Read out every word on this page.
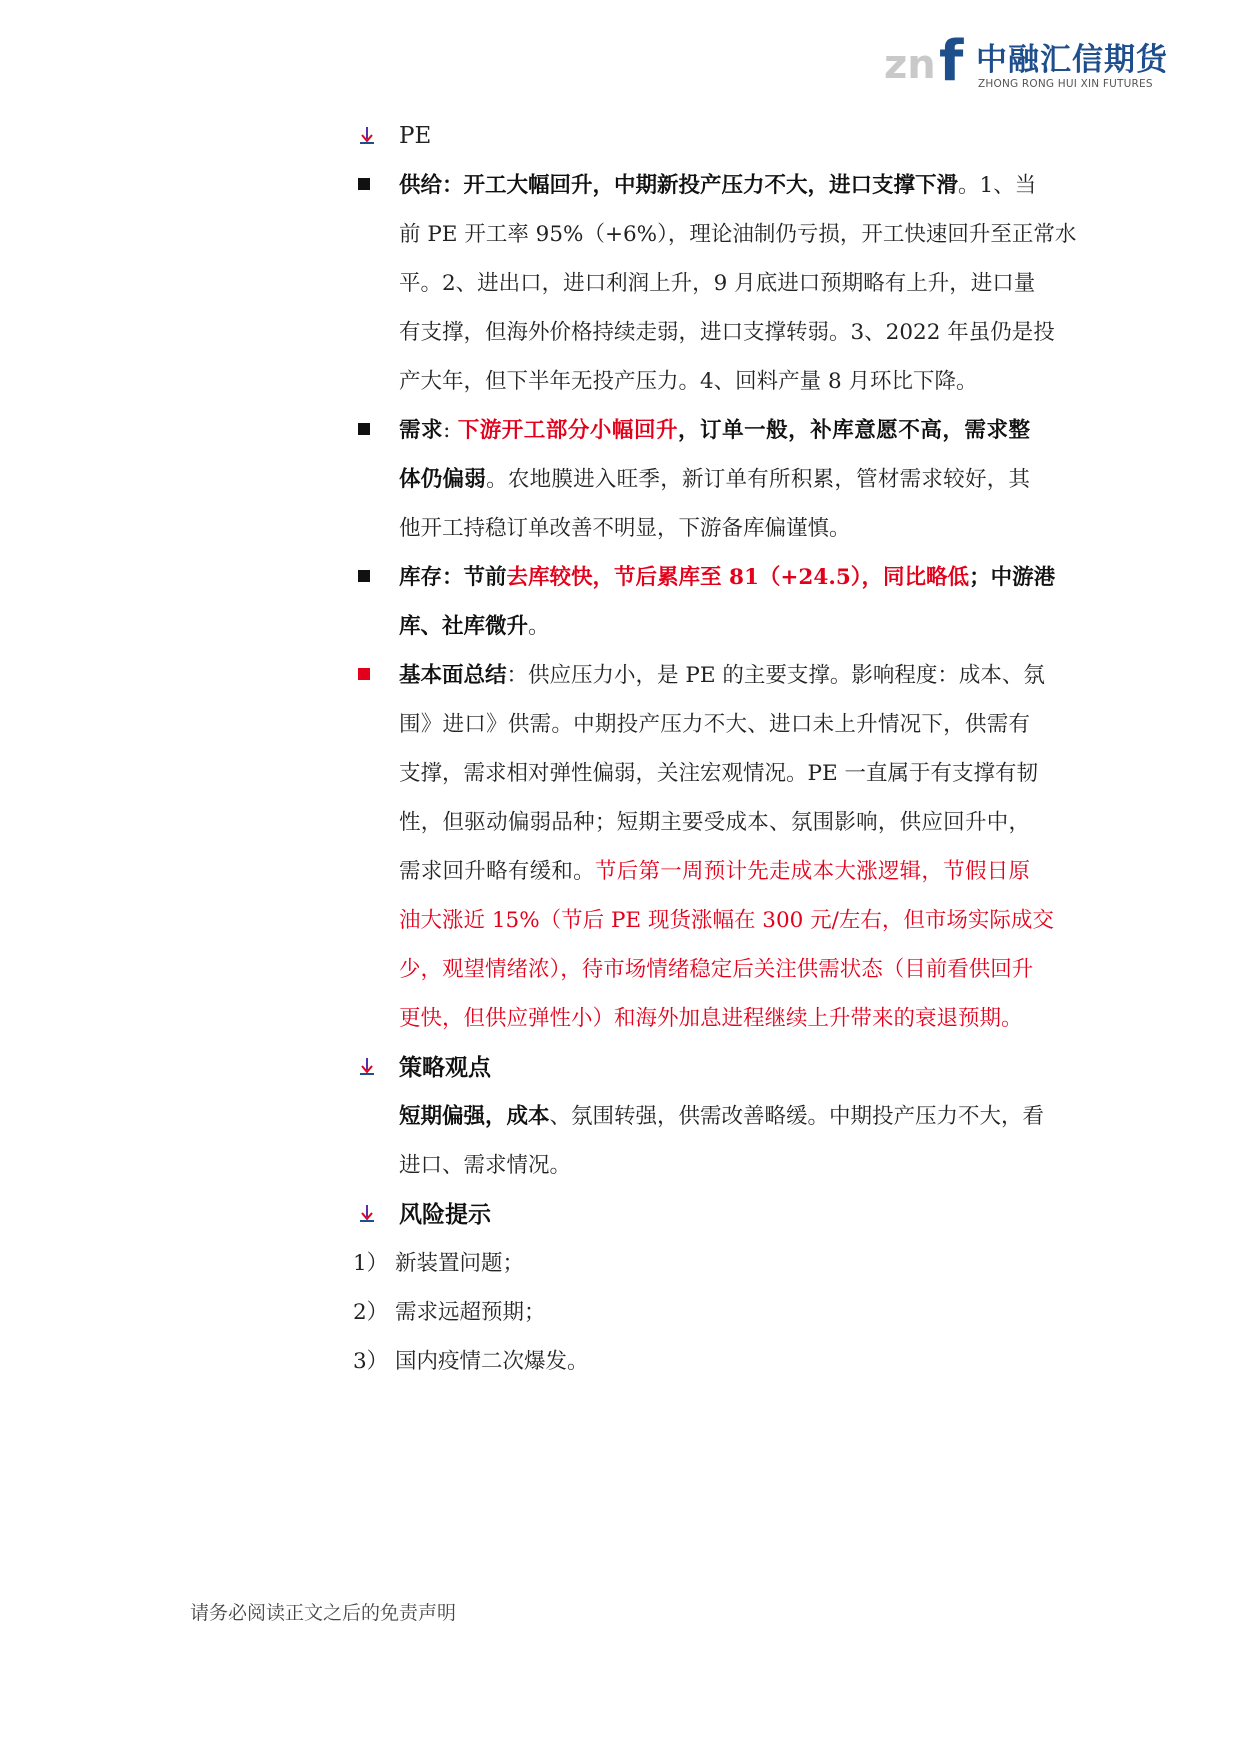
zn f 中融汇信期货
ZHONG RONG HUI XIN FUTURES
PE
供给：开工大幅回升，中期新投产压力不大，进口支撑下滑。1、当
前 PE 开工率 95%（+6%），理论油制仍亏损，开工快速回升至正常水
平。2、进出口，进口利润上升，9 月底进口预期略有上升，进口量
有支撑，但海外价格持续走弱，进口支撑转弱。3、2022 年虽仍是投
产大年，但下半年无投产压力。4、回料产量 8 月环比下降。
需求: 下游开工部分小幅回升，订单一般，补库意愿不高，需求整
体仍偏弱。农地膜进入旺季，新订单有所积累，管材需求较好，其
他开工持稳订单改善不明显，下游备库偏谨慎。
库存：节前去库较快，节后累库至 81（+24.5），同比略低；中游港
库、社库微升。
基本面总结：供应压力小，是 PE 的主要支撑。影响程度：成本、氛
围》进口》供需。中期投产压力不大、进口未上升情况下，供需有
支撑，需求相对弹性偏弱，关注宏观情况。PE 一直属于有支撑有韧
性，但驱动偏弱品种；短期主要受成本、氛围影响，供应回升中，
需求回升略有缓和。节后第一周预计先走成本大涨逻辑，节假日原
油大涨近 15%（节后 PE 现货涨幅在 300 元/左右，但市场实际成交
少，观望情绪浓），待市场情绪稳定后关注供需状态（目前看供回升
更快，但供应弹性小）和海外加息进程继续上升带来的衰退预期。
策略观点
短期偏强，成本、氛围转强，供需改善略缓。中期投产压力不大，看
进口、需求情况。
风险提示
1） 新装置问题；
2） 需求远超预期；
3） 国内疫情二次爆发。
请务必阅读正文之后的免责声明
